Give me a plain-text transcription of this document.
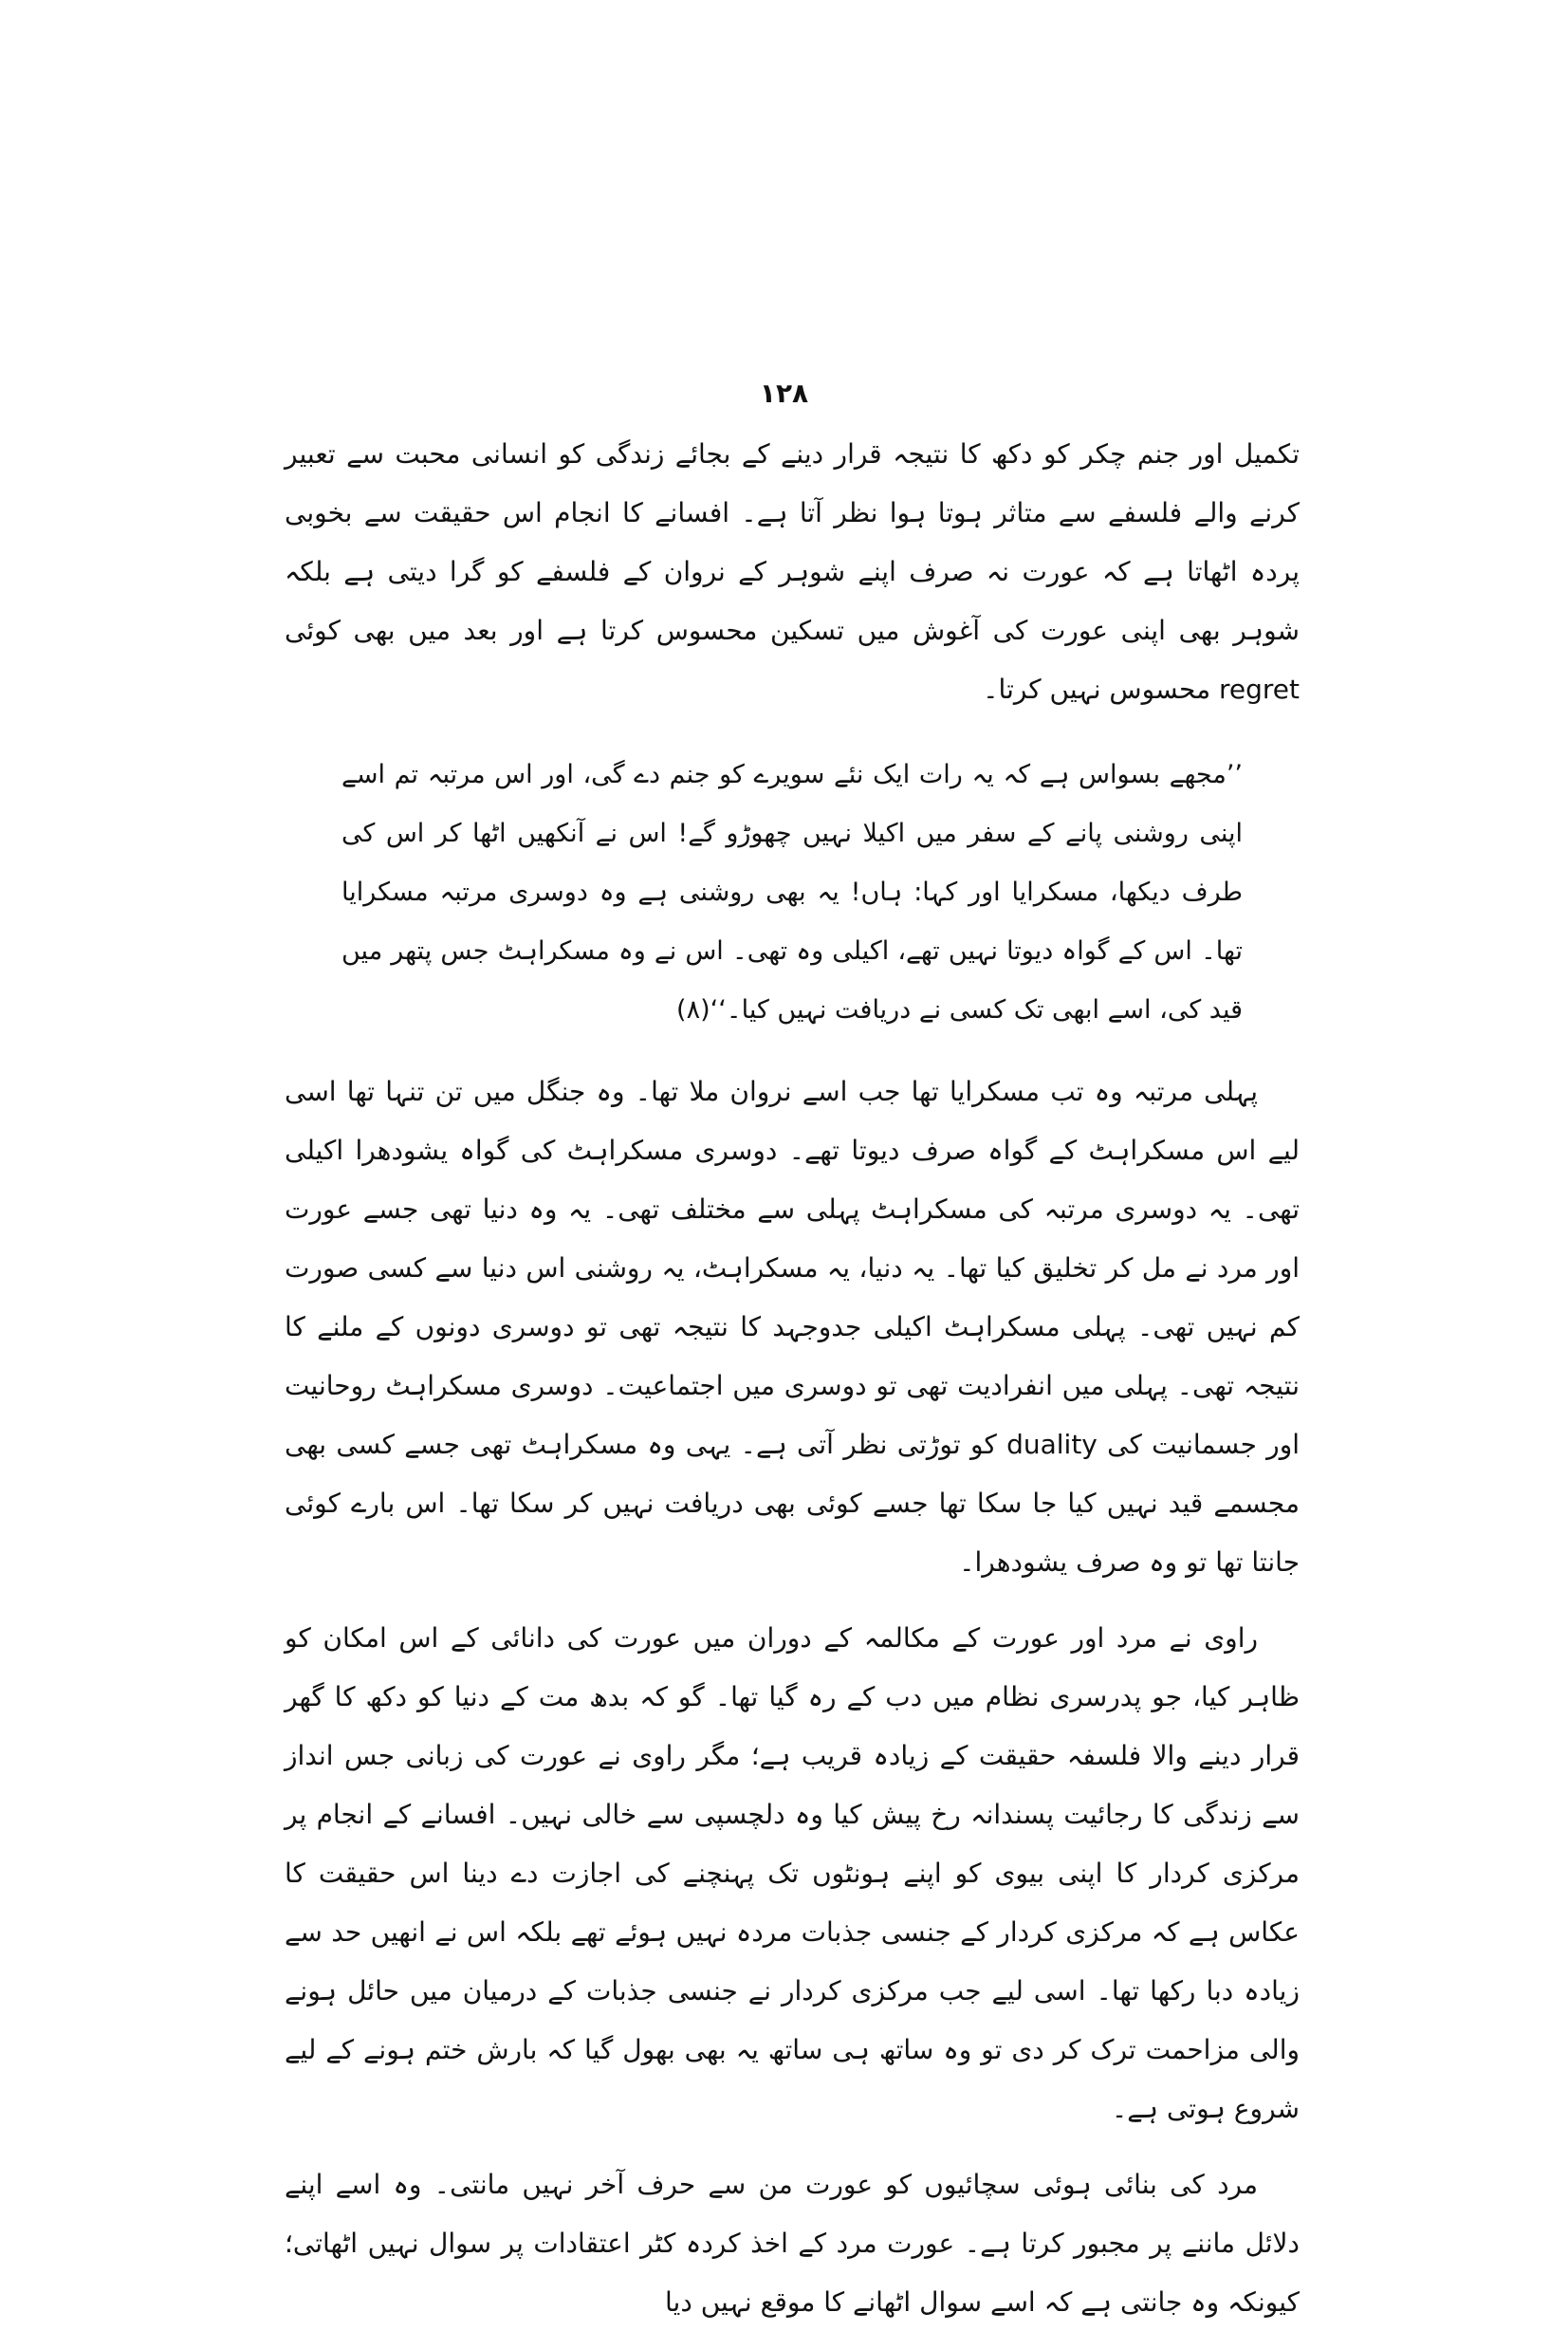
۱۲۸

تکمیل اور جنم چکر کو دکھ کا نتیجہ قرار دینے کے بجائے زندگی کو انسانی محبت سے تعبیر کرنے والے فلسفے سے متاثر ہوتا ہوا نظر آتا ہے۔ افسانے کا انجام اس حقیقت سے بخوبی پردہ اٹھاتا ہے کہ عورت نہ صرف اپنے شوہر کے نروان کے فلسفے کو گرا دیتی ہے بلکہ شوہر بھی اپنی عورت کی آغوش میں تسکین محسوس کرتا ہے اور بعد میں بھی کوئی regret محسوس نہیں کرتا۔

’’مجھے بسواس ہے کہ یہ رات ایک نئے سویرے کو جنم دے گی، اور اس مرتبہ تم اسے اپنی روشنی پانے کے سفر میں اکیلا نہیں چھوڑو گے! اس نے آنکھیں اٹھا کر اس کی طرف دیکھا، مسکرایا اور کہا: ہاں! یہ بھی روشنی ہے وہ دوسری مرتبہ مسکرایا تھا۔ اس کے گواہ دیوتا نہیں تھے، اکیلی وہ تھی۔ اس نے وہ مسکراہٹ جس پتھر میں قید کی، اسے ابھی تک کسی نے دریافت نہیں کیا۔‘‘(۸)

پہلی مرتبہ وہ تب مسکرایا تھا جب اسے نروان ملا تھا۔ وہ جنگل میں تن تنہا تھا اسی لیے اس مسکراہٹ کے گواہ صرف دیوتا تھے۔ دوسری مسکراہٹ کی گواہ یشودھرا اکیلی تھی۔ یہ دوسری مرتبہ کی مسکراہٹ پہلی سے مختلف تھی۔ یہ وہ دنیا تھی جسے عورت اور مرد نے مل کر تخلیق کیا تھا۔ یہ دنیا، یہ مسکراہٹ، یہ روشنی اس دنیا سے کسی صورت کم نہیں تھی۔ پہلی مسکراہٹ اکیلی جدوجہد کا نتیجہ تھی تو دوسری دونوں کے ملنے کا نتیجہ تھی۔ پہلی میں انفرادیت تھی تو دوسری میں اجتماعیت۔ دوسری مسکراہٹ روحانیت اور جسمانیت کی duality کو توڑتی نظر آتی ہے۔ یہی وہ مسکراہٹ تھی جسے کسی بھی مجسمے قید نہیں کیا جا سکا تھا جسے کوئی بھی دریافت نہیں کر سکا تھا۔ اس بارے کوئی جانتا تھا تو وہ صرف یشودھرا۔

راوی نے مرد اور عورت کے مکالمہ کے دوران میں عورت کی دانائی کے اس امکان کو ظاہر کیا، جو پدرسری نظام میں دب کے رہ گیا تھا۔ گو کہ بدھ مت کے دنیا کو دکھ کا گھر قرار دینے والا فلسفہ حقیقت کے زیادہ قریب ہے؛ مگر راوی نے عورت کی زبانی جس انداز سے زندگی کا رجائیت پسندانہ رخ پیش کیا وہ دلچسپی سے خالی نہیں۔ افسانے کے انجام پر مرکزی کردار کا اپنی بیوی کو اپنے ہونٹوں تک پہنچنے کی اجازت دے دینا اس حقیقت کا عکاس ہے کہ مرکزی کردار کے جنسی جذبات مردہ نہیں ہوئے تھے بلکہ اس نے انھیں حد سے زیادہ دبا رکھا تھا۔ اسی لیے جب مرکزی کردار نے جنسی جذبات کے درمیان میں حائل ہونے والی مزاحمت ترک کر دی تو وہ ساتھ ہی ساتھ یہ بھی بھول گیا کہ بارش ختم ہونے کے لیے شروع ہوتی ہے۔

مرد کی بنائی ہوئی سچائیوں کو عورت من سے حرف آخر نہیں مانتی۔ وہ اسے اپنے دلائل ماننے پر مجبور کرتا ہے۔ عورت مرد کے اخذ کردہ کٹر اعتقادات پر سوال نہیں اٹھاتی؛ کیونکہ وہ جانتی ہے کہ اسے سوال اٹھانے کا موقع نہیں دیا
